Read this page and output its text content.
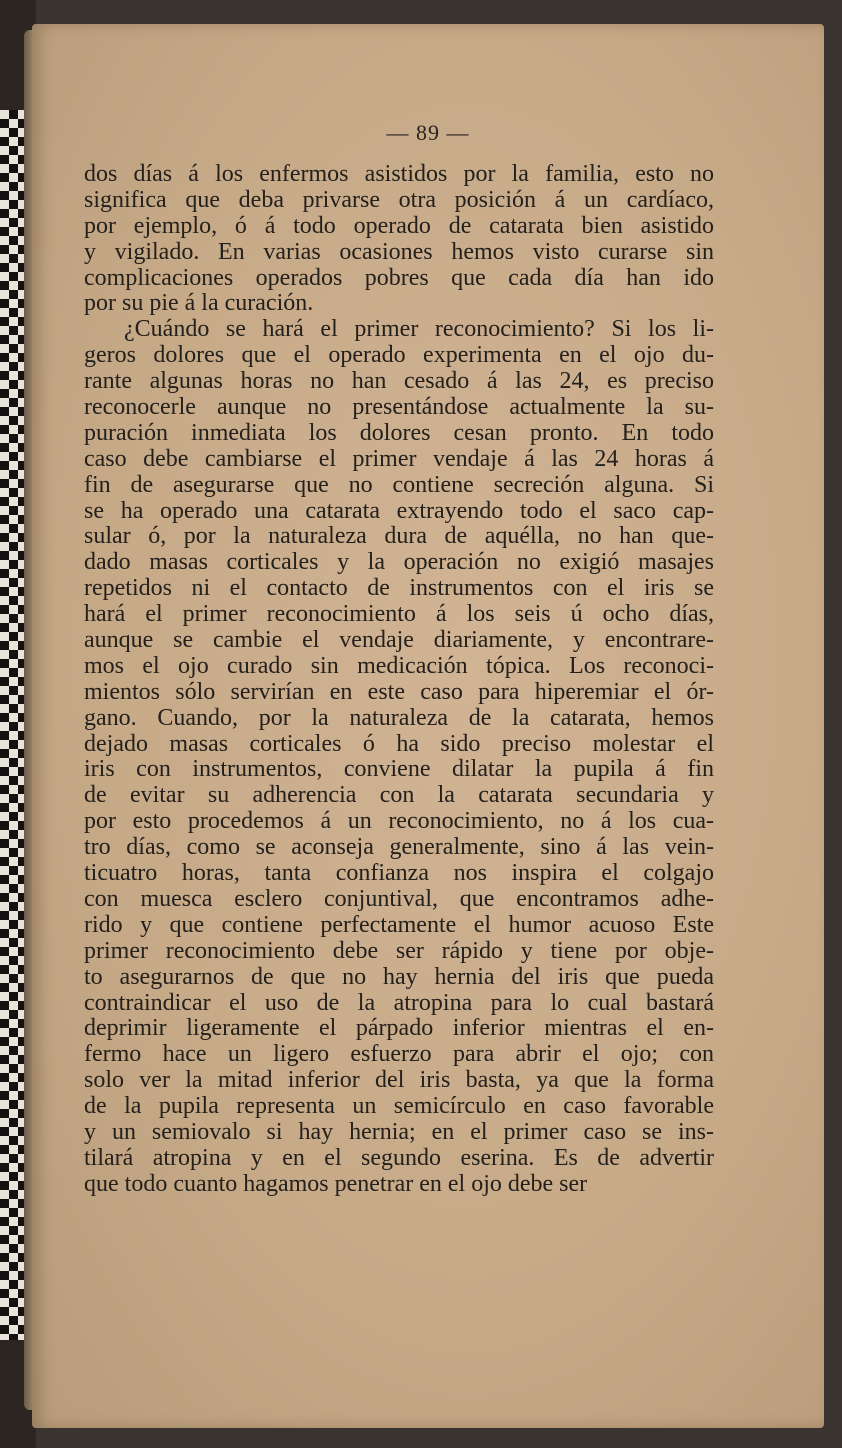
— 89 —
dos días á los enfermos asistidos por la familia, esto no
significa que deba privarse otra posición á un cardíaco,
por ejemplo, ó á todo operado de catarata bien asistido
y vigilado. En varias ocasiones hemos visto curarse sin
complicaciones operados pobres que cada día han ido
por su pie á la curación.
¿Cuándo se hará el primer reconocimiento? Si los li-
geros dolores que el operado experimenta en el ojo du-
rante algunas horas no han cesado á las 24, es preciso
reconocerle aunque no presentándose actualmente la su-
puración inmediata los dolores cesan pronto. En todo
caso debe cambiarse el primer vendaje á las 24 horas á
fin de asegurarse que no contiene secreción alguna. Si
se ha operado una catarata extrayendo todo el saco cap-
sular ó, por la naturaleza dura de aquélla, no han que-
dado masas corticales y la operación no exigió masajes
repetidos ni el contacto de instrumentos con el iris se
hará el primer reconocimiento á los seis ú ocho días,
aunque se cambie el vendaje diariamente, y encontrare-
mos el ojo curado sin medicación tópica. Los reconoci-
mientos sólo servirían en este caso para hiperemiar el ór-
gano. Cuando, por la naturaleza de la catarata, hemos
dejado masas corticales ó ha sido preciso molestar el
iris con instrumentos, conviene dilatar la pupila á fin
de evitar su adherencia con la catarata secundaria y
por esto procedemos á un reconocimiento, no á los cua-
tro días, como se aconseja generalmente, sino á las vein-
ticuatro horas, tanta confianza nos inspira el colgajo
con muesca esclero conjuntival, que encontramos adhe-
rido y que contiene perfectamente el humor acuoso Este
primer reconocimiento debe ser rápido y tiene por obje-
to asegurarnos de que no hay hernia del iris que pueda
contraindicar el uso de la atropina para lo cual bastará
deprimir ligeramente el párpado inferior mientras el en-
fermo hace un ligero esfuerzo para abrir el ojo; con
solo ver la mitad inferior del iris basta, ya que la forma
de la pupila representa un semicírculo en caso favorable
y un semiovalo si hay hernia; en el primer caso se ins-
tilará atropina y en el segundo eserina. Es de advertir
que todo cuanto hagamos penetrar en el ojo debe ser
